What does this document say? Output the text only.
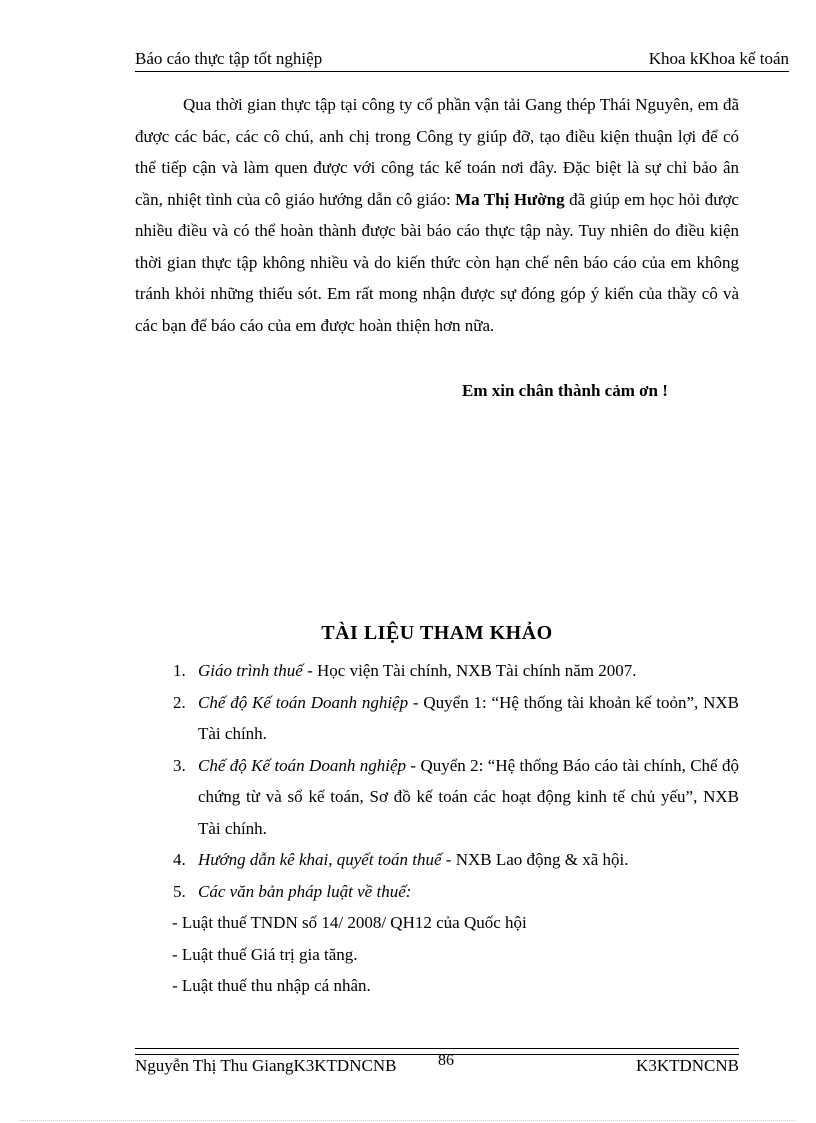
Báo cáo thực tập tốt nghiệp	Khoa kKhoa kế toán

Qua thời gian thực tập tại công ty cổ phần vận tải Gang thép Thái Nguyên, em đã được các bác, các cô chú, anh chị trong Công ty giúp đỡ, tạo điều kiện thuận lợi để có thể tiếp cận và làm quen được với công tác kế toán nơi đây. Đặc biệt là sự chỉ bảo ân cần, nhiệt tình của cô giáo hướng dẫn cô giáo: Ma Thị Hường đã giúp em học hỏi được nhiều điều và có thể hoàn thành được bài báo cáo thực tập này. Tuy nhiên do điều kiện thời gian thực tập không nhiều và do kiến thức còn hạn chế nên báo cáo của em không tránh khỏi những thiếu sót. Em rất mong nhận được sự đóng góp ý kiến của thầy cô và các bạn để báo cáo của em được hoàn thiện hơn nữa.

Em xin chân thành cảm ơn !
TÀI LIỆU THAM KHẢO
1. Giáo trình thuế - Học viện Tài chính, NXB Tài chính năm 2007.
2. Chế độ Kế toán Doanh nghiệp - Quyển 1: “Hệ thống tài khoản kế toỏn”, NXB Tài chính.
3. Chế độ Kế toán Doanh nghiệp - Quyển 2: “Hệ thống Báo cáo tài chính, Chế độ chứng từ và sổ kế toán, Sơ đồ kế toán các hoạt động kinh tế chủ yếu”, NXB Tài chính.
4. Hướng dẫn kê khai, quyết toán thuế - NXB Lao động & xã hội.
5. Các văn bản pháp luật về thuế:
- Luật thuế TNDN số 14/ 2008/ QH12 của Quốc hội
- Luật thuế Giá trị gia tăng.
- Luật thuế thu nhập cá nhân.
Nguyễn Thị Thu GiangK3KTDNCNB	86	K3KTDNCNB
